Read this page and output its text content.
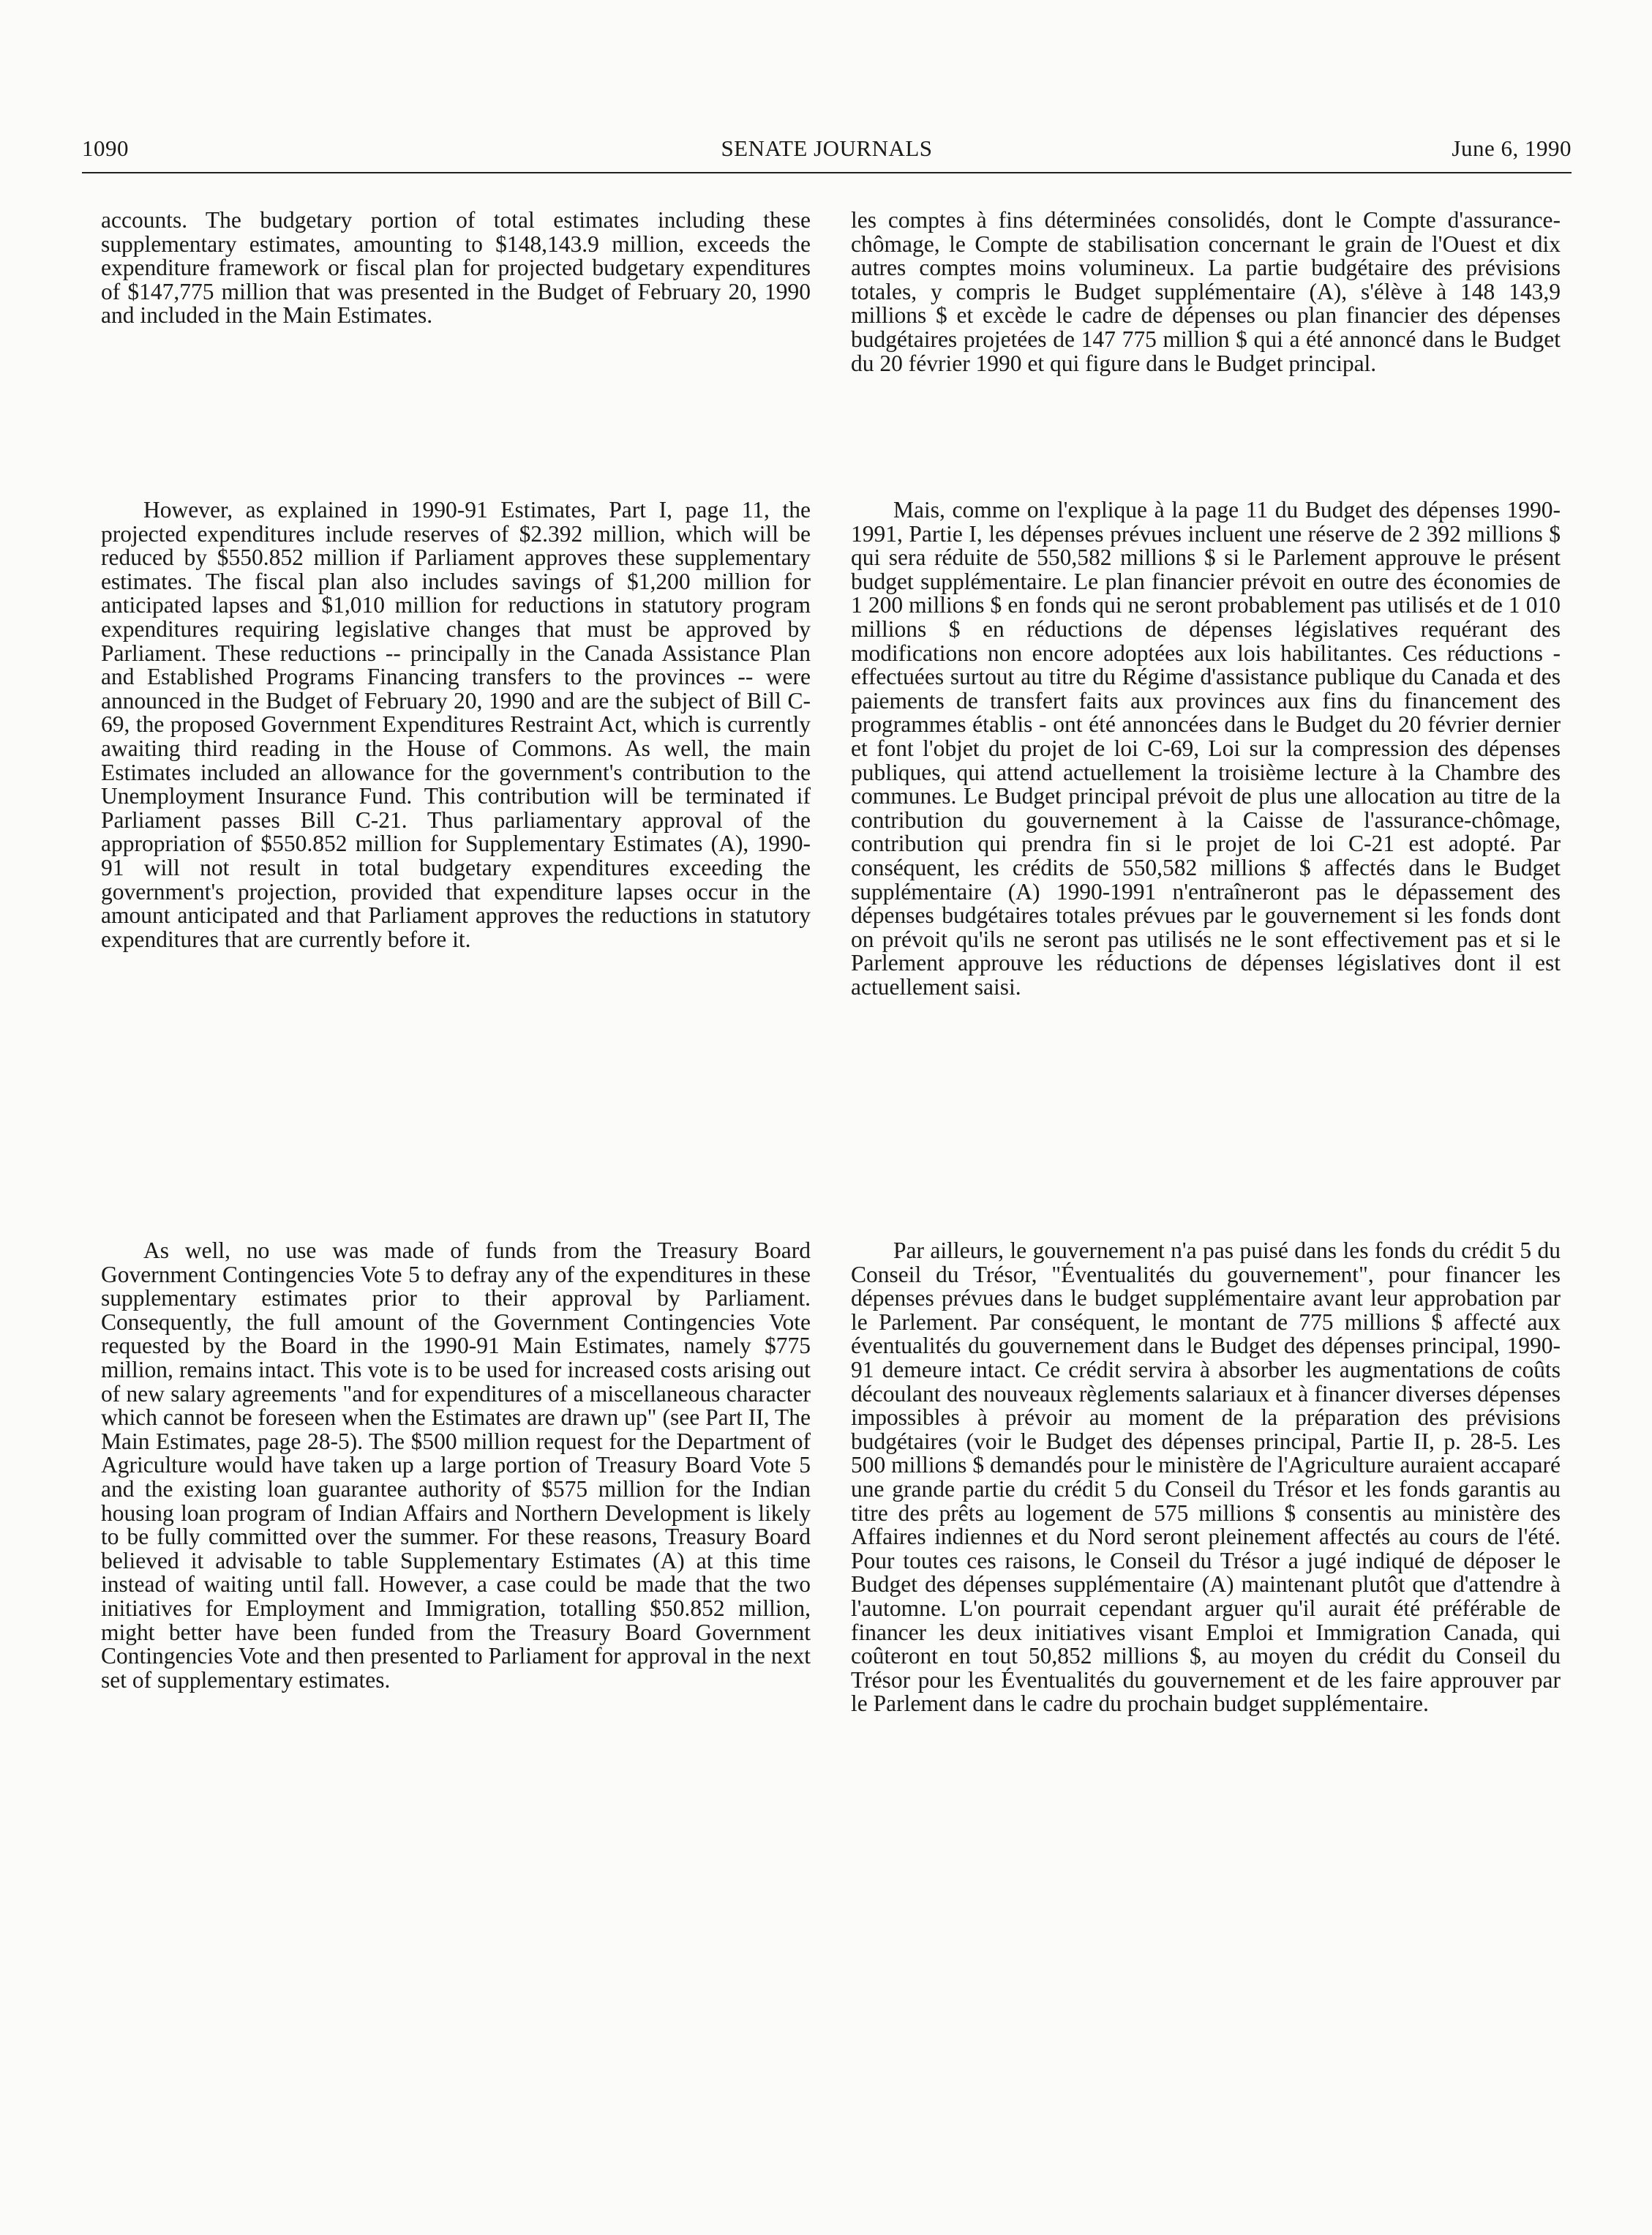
1090	SENATE JOURNALS	June 6, 1990

accounts. The budgetary portion of total estimates including these supplementary estimates, amounting to $148,143.9 million, exceeds the expenditure framework or fiscal plan for projected budgetary expenditures of $147,775 million that was presented in the Budget of February 20, 1990 and included in the Main Estimates.

However, as explained in 1990-91 Estimates, Part I, page 11, the projected expenditures include reserves of $2.392 million, which will be reduced by $550.852 million if Parliament approves these supplementary estimates. The fiscal plan also includes savings of $1,200 million for anticipated lapses and $1,010 million for reductions in statutory program expenditures requiring legislative changes that must be approved by Parliament. These reductions -- principally in the Canada Assistance Plan and Established Programs Financing transfers to the provinces -- were announced in the Budget of February 20, 1990 and are the subject of Bill C-69, the proposed Government Expenditures Restraint Act, which is currently awaiting third reading in the House of Commons. As well, the main Estimates included an allowance for the government's contribution to the Unemployment Insurance Fund. This contribution will be terminated if Parliament passes Bill C-21. Thus parliamentary approval of the appropriation of $550.852 million for Supplementary Estimates (A), 1990-91 will not result in total budgetary expenditures exceeding the government's projection, provided that expenditure lapses occur in the amount anticipated and that Parliament approves the reductions in statutory expenditures that are currently before it.

As well, no use was made of funds from the Treasury Board Government Contingencies Vote 5 to defray any of the expenditures in these supplementary estimates prior to their approval by Parliament. Consequently, the full amount of the Government Contingencies Vote requested by the Board in the 1990-91 Main Estimates, namely $775 million, remains intact. This vote is to be used for increased costs arising out of new salary agreements "and for expenditures of a miscellaneous character which cannot be foreseen when the Estimates are drawn up" (see Part II, The Main Estimates, page 28-5). The $500 million request for the Department of Agriculture would have taken up a large portion of Treasury Board Vote 5 and the existing loan guarantee authority of $575 million for the Indian housing loan program of Indian Affairs and Northern Development is likely to be fully committed over the summer. For these reasons, Treasury Board believed it advisable to table Supplementary Estimates (A) at this time instead of waiting until fall. However, a case could be made that the two initiatives for Employment and Immigration, totalling $50.852 million, might better have been funded from the Treasury Board Government Contingencies Vote and then presented to Parliament for approval in the next set of supplementary estimates.

les comptes à fins déterminées consolidés, dont le Compte d'assurance-chômage, le Compte de stabilisation concernant le grain de l'Ouest et dix autres comptes moins volumineux. La partie budgétaire des prévisions totales, y compris le Budget supplémentaire (A), s'élève à 148 143,9 millions $ et excède le cadre de dépenses ou plan financier des dépenses budgétaires projetées de 147 775 million $ qui a été annoncé dans le Budget du 20 février 1990 et qui figure dans le Budget principal.

Mais, comme on l'explique à la page 11 du Budget des dépenses 1990-1991, Partie I, les dépenses prévues incluent une réserve de 2 392 millions $ qui sera réduite de 550,582 millions $ si le Parlement approuve le présent budget supplémentaire. Le plan financier prévoit en outre des économies de 1 200 millions $ en fonds qui ne seront probablement pas utilisés et de 1 010 millions $ en réductions de dépenses législatives requérant des modifications non encore adoptées aux lois habilitantes. Ces réductions - effectuées surtout au titre du Régime d'assistance publique du Canada et des paiements de transfert faits aux provinces aux fins du financement des programmes établis - ont été annoncées dans le Budget du 20 février dernier et font l'objet du projet de loi C-69, Loi sur la compression des dépenses publiques, qui attend actuellement la troisième lecture à la Chambre des communes. Le Budget principal prévoit de plus une allocation au titre de la contribution du gouvernement à la Caisse de l'assurance-chômage, contribution qui prendra fin si le projet de loi C-21 est adopté. Par conséquent, les crédits de 550,582 millions $ affectés dans le Budget supplémentaire (A) 1990-1991 n'entraîneront pas le dépassement des dépenses budgétaires totales prévues par le gouvernement si les fonds dont on prévoit qu'ils ne seront pas utilisés ne le sont effectivement pas et si le Parlement approuve les réductions de dépenses législatives dont il est actuellement saisi.

Par ailleurs, le gouvernement n'a pas puisé dans les fonds du crédit 5 du Conseil du Trésor, "Éventualités du gouvernement", pour financer les dépenses prévues dans le budget supplémentaire avant leur approbation par le Parlement. Par conséquent, le montant de 775 millions $ affecté aux éventualités du gouvernement dans le Budget des dépenses principal, 1990-91 demeure intact. Ce crédit servira à absorber les augmentations de coûts découlant des nouveaux règlements salariaux et à financer diverses dépenses impossibles à prévoir au moment de la préparation des prévisions budgétaires (voir le Budget des dépenses principal, Partie II, p. 28-5. Les 500 millions $ demandés pour le ministère de l'Agriculture auraient accaparé une grande partie du crédit 5 du Conseil du Trésor et les fonds garantis au titre des prêts au logement de 575 millions $ consentis au ministère des Affaires indiennes et du Nord seront pleinement affectés au cours de l'été. Pour toutes ces raisons, le Conseil du Trésor a jugé indiqué de déposer le Budget des dépenses supplémentaire (A) maintenant plutôt que d'attendre à l'automne. L'on pourrait cependant arguer qu'il aurait été préférable de financer les deux initiatives visant Emploi et Immigration Canada, qui coûteront en tout 50,852 millions $, au moyen du crédit du Conseil du Trésor pour les Éventualités du gouvernement et de les faire approuver par le Parlement dans le cadre du prochain budget supplémentaire.
